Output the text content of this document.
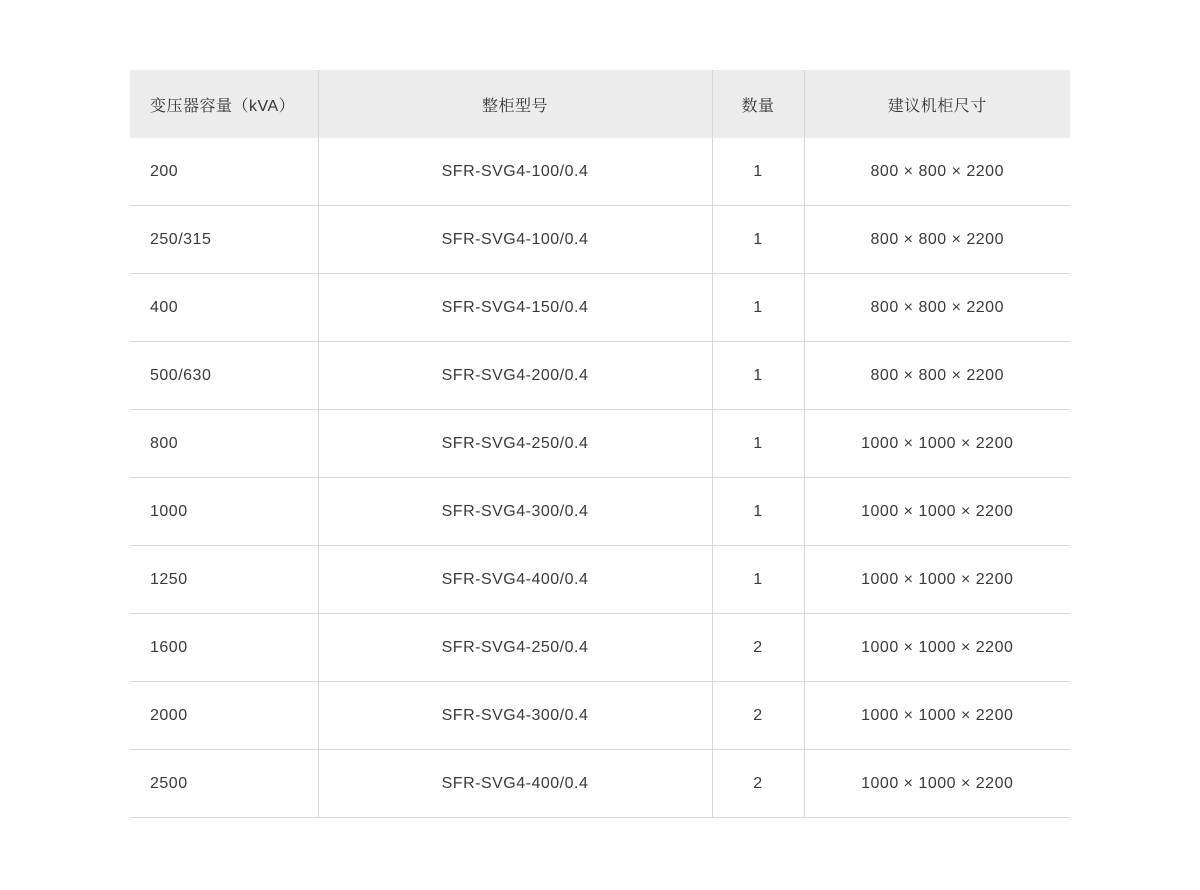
变压器容量（kVA）	整柜型号	数量	建议机柜尺寸
200	SFR-SVG4-100/0.4	1	800 × 800 × 2200
250/315	SFR-SVG4-100/0.4	1	800 × 800 × 2200
400	SFR-SVG4-150/0.4	1	800 × 800 × 2200
500/630	SFR-SVG4-200/0.4	1	800 × 800 × 2200
800	SFR-SVG4-250/0.4	1	1000 × 1000 × 2200
1000	SFR-SVG4-300/0.4	1	1000 × 1000 × 2200
1250	SFR-SVG4-400/0.4	1	1000 × 1000 × 2200
1600	SFR-SVG4-250/0.4	2	1000 × 1000 × 2200
2000	SFR-SVG4-300/0.4	2	1000 × 1000 × 2200
2500	SFR-SVG4-400/0.4	2	1000 × 1000 × 2200
